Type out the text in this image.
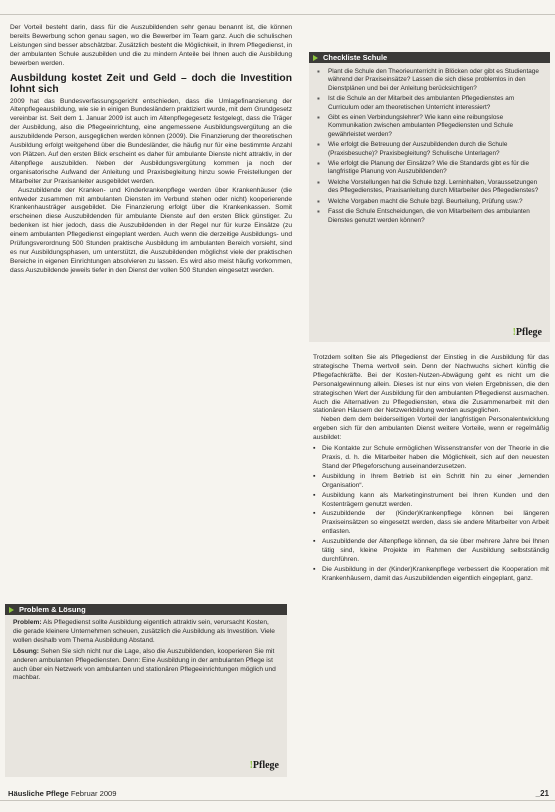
Der Vorteil besteht darin, dass für die Auszubildenden sehr genau benannt ist, die können bereits Bewerbung schon genau sagen, wo die Bewerber im Team ganz. Auch die schulischen Leistungen sind besser abschätzbar. Zusätzlich besteht die Möglichkeit, in Ihrem Pflegedienst, in der ambulanten Schule auszubilden und die zu mindern Anteile bei Ihnen auch die Ausbildung bewerben werden.

Ausbildung kostet Zeit und Geld – doch die Investition lohnt sich

2009 hat das Bundesverfassungsgericht entschieden, dass die Umlagefinanzierung der Altenpflegeausbildung, wie sie in einigen Bundesländern praktiziert wurde, mit dem Grundgesetz vereinbar ist. Seit dem 1. Januar 2009 ist auch im Altenpflegegesetz festgelegt, dass die Träger der Ausbildung, also die Pflegeeinrichtung, eine angemessene Ausbildungsvergütung an die auszubildende Person, ausgeglichen werden können (2009). Die Finanzierung der theoretischen Ausbildung erfolgt weitgehend über die Bundesländer, die häufig nur für eine bestimmte Anzahl von Plätzen. Auf den ersten Blick erscheint es daher für ambulante Dienste nicht attraktiv, in der Altenpflege auszubilden. Neben der Ausbildungsvergütung kommen ja noch der organisatorische Aufwand der Anleitung und Praxisbegleitung hinzu sowie Freistellungen der Mitarbeiter zur Praxisanleiter ausgebildet werden.

Auszubildende der Kranken- und Kinderkrankenpflege werden über Krankenhäuser (die entweder zusammen mit ambulanten Diensten im Verbund stehen oder nicht) kooperierende Krankenhausträger ausgebildet. Die Finanzierung erfolgt über die Krankenkassen. Somit erscheinen diese Auszubildenden für ambulante Dienste auf den ersten Blick günstiger. Zu bedenken ist hier jedoch, dass die Auszubildenden in der Regel nur für kurze Einsätze (zu einem ambulanten Pflegedienst eingeplant werden. Auch wenn die derzeitige Ausbildungs- und Prüfungsverordnung 500 Stunden praktische Ausbildung im ambulanten Bereich vorsieht, sind es nur Ausbildungsphasen, um unterstützt, die Auszubildenden möglichst viele der praktischen Bereiche in eigenen Einrichtungen absolvieren zu lassen. Es wird also meist häufig vorkommen, dass Auszubildende jeweils tiefer in den Dienst der vollen 500 Stunden eingesetzt werden.

Problem & Lösung

Problem: Als Pflegedienst sollte Ausbildung eigentlich attraktiv sein, verursacht Kosten, die gerade kleinere Unternehmen scheuen, zusätzlich die Ausbildung als Investition. Viele wollen deshalb vom Thema Ausbildung Abstand.

Lösung: Sehen Sie sich nicht nur die Lage, also die Auszubildenden, kooperieren Sie mit anderen ambulanten Pflegediensten. Denn: Eine Ausbildung in der ambulanten Pflege ist auch über ein Netzwerk von ambulanten und stationären Pflegeeinrichtungen möglich und machbar.

!Pflege
Checkliste Schule
▪ Plant die Schule den Theorieunterricht in Blöcken oder gibt es Studientage während der Praxiseinsätze? Lassen die sich diese problemlos in den Dienstplänen und bei der Anleitung berücksichtigen?
▪ Ist die Schule an der Mitarbeit des ambulanten Pflegedienstes am Curriculum oder am theoretischen Unterricht interessiert?
▪ Gibt es einen Verbindungslehrer? Wie kann eine reibungslose Kommunikation zwischen ambulanten Pflegediensten und Schule gewährleistet werden?
▪ Wie erfolgt die Betreuung der Auszubildenden durch die Schule (Praxisbesuche)? Praxisbegleitung? Schulische Unterlagen?
▪ Wie erfolgt die Planung der Einsätze? Wie die Standards gibt es für die langfristige Planung von Auszubildenden?
▪ Welche Vorstellungen hat die Schule bzgl. Lerninhalten, Voraussetzungen des Pflegedienstes, Praxisanleitung durch Mitarbeiter des Pflegedienstes?
▪ Welche Vorgaben macht die Schule bzgl. Beurteilung, Prüfung usw.?
▪ Fasst die Schule Entscheidungen, die von Mitarbeitern des ambulanten Dienstes genutzt werden können?
!Pflege

Trotzdem sollten Sie als Pflegedienst der Einstieg in die Ausbildung für das strategische Thema wertvoll sein. Denn der Nachwuchs sichert künftig die Pflegefachkräfte. Bei der Kosten-Nutzen-Abwägung geht es nicht um die Personalgewinnung allein. Dieses ist nur eins von vielen Ergebnissen, die den strategischen Wert der Ausbildung für den ambulanten Pflegedienst ausmachen. Auch die Alternativen zu Pflegediensten, etwa die Zusammenarbeit mit den stationären Häusern der Netzwerkbildung werden ausgeglichen.

Neben dem dem beiderseitigen Vorteil der langfristigen Personalentwicklung ergeben sich für den ambulanten Dienst weitere Vorteile, wenn er regelmäßig ausbildet:

▪ Die Kontakte zur Schule ermöglichen Wissenstransfer von der Theorie in die Praxis, d. h. die Mitarbeiter haben die Möglichkeit, sich auf den neuesten Stand der Pflegeforschung auseinanderzusetzen.
▪ Ausbildung in Ihrem Betrieb ist ein Schritt hin zu einer „lernenden Organisation“.
▪ Ausbildung kann als Marketinginstrument bei Ihren Kunden und den Kostenträgern genutzt werden.
▪ Auszubildende der (Kinder)Krankenpflege können bei längeren Praxiseinsätzen so eingesetzt werden, dass sie andere Mitarbeiter von Arbeit entlasten.
▪ Auszubildende der Altenpflege können, da sie über mehrere Jahre bei Ihnen tätig sind, kleine Projekte im Rahmen der Ausbildung selbstständig durchführen.
▪ Die Ausbildung in der (Kinder)Krankenpflege verbessert die Kooperation mit Krankenhäusern, damit das Auszubildenden eigentlich eingeplant, ganz.
Häusliche Pflege Februar 2009	_21
